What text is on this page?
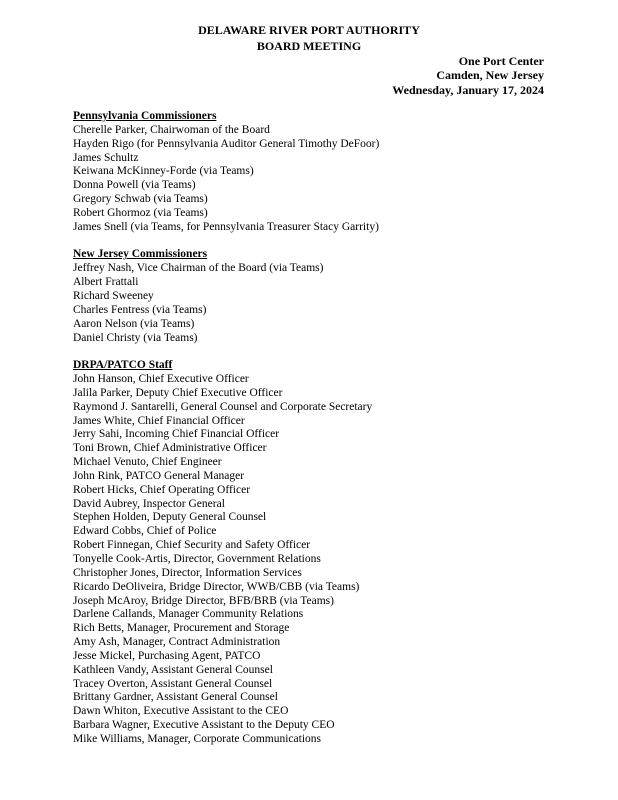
DELAWARE RIVER PORT AUTHORITY
BOARD MEETING
One Port Center
Camden, New Jersey
Wednesday, January 17, 2024
Pennsylvania Commissioners
Cherelle Parker, Chairwoman of the Board
Hayden Rigo (for Pennsylvania Auditor General Timothy DeFoor)
James Schultz
Keiwana McKinney-Forde (via Teams)
Donna Powell (via Teams)
Gregory Schwab (via Teams)
Robert Ghormoz (via Teams)
James Snell (via Teams, for Pennsylvania Treasurer Stacy Garrity)
New Jersey Commissioners
Jeffrey Nash, Vice Chairman of the Board (via Teams)
Albert Frattali
Richard Sweeney
Charles Fentress (via Teams)
Aaron Nelson (via Teams)
Daniel Christy (via Teams)
DRPA/PATCO Staff
John Hanson, Chief Executive Officer
Jalila Parker, Deputy Chief Executive Officer
Raymond J. Santarelli, General Counsel and Corporate Secretary
James White, Chief Financial Officer
Jerry Sahi, Incoming Chief Financial Officer
Toni Brown, Chief Administrative Officer
Michael Venuto, Chief Engineer
John Rink, PATCO General Manager
Robert Hicks, Chief Operating Officer
David Aubrey, Inspector General
Stephen Holden, Deputy General Counsel
Edward Cobbs, Chief of Police
Robert Finnegan, Chief Security and Safety Officer
Tonyelle Cook-Artis, Director, Government Relations
Christopher Jones, Director, Information Services
Ricardo DeOliveira, Bridge Director, WWB/CBB (via Teams)
Joseph McAroy, Bridge Director, BFB/BRB (via Teams)
Darlene Callands, Manager Community Relations
Rich Betts, Manager, Procurement and Storage
Amy Ash, Manager, Contract Administration
Jesse Mickel, Purchasing Agent, PATCO
Kathleen Vandy, Assistant General Counsel
Tracey Overton, Assistant General Counsel
Brittany Gardner, Assistant General Counsel
Dawn Whiton, Executive Assistant to the CEO
Barbara Wagner, Executive Assistant to the Deputy CEO
Mike Williams, Manager, Corporate Communications
